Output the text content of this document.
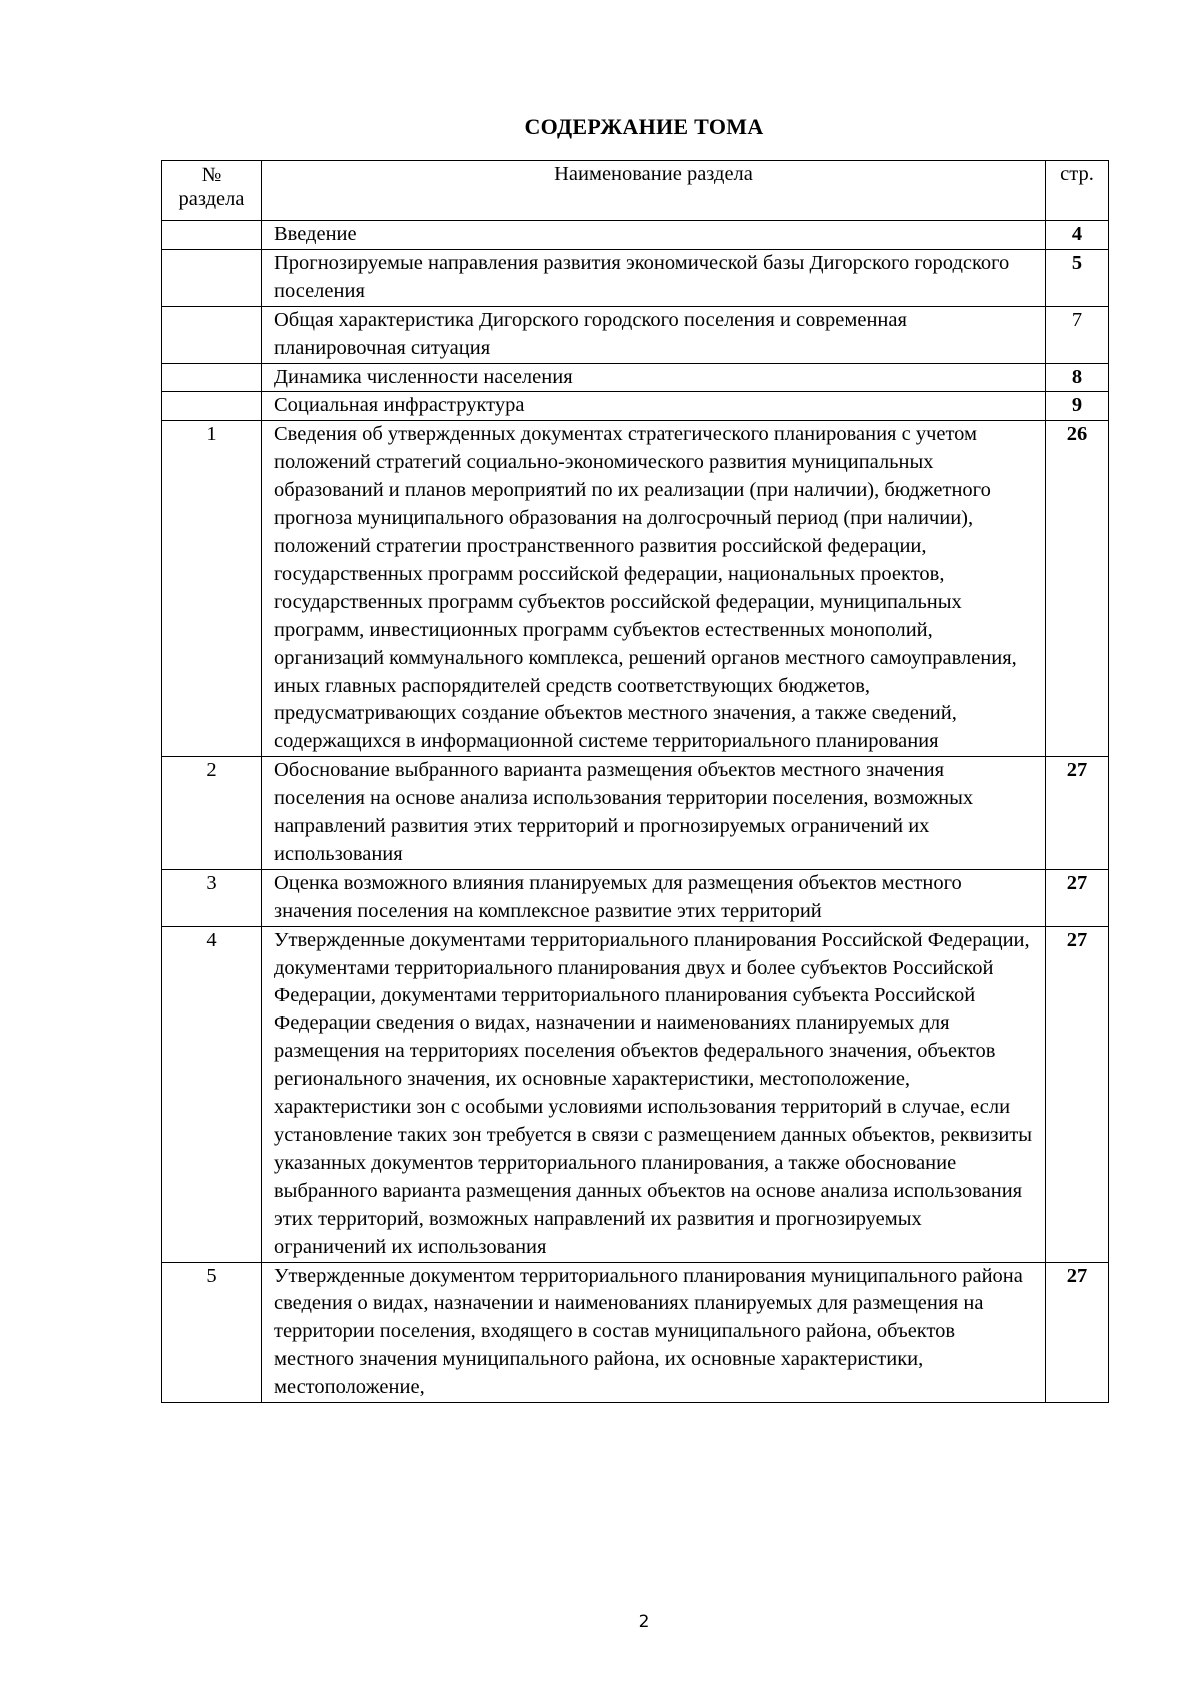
СОДЕРЖАНИЕ ТОМА
№
раздела	Наименование раздела	стр.
	Введение	4
	Прогнозируемые направления развития экономической базы Дигорского городского поселения	5
	Общая характеристика Дигорского городского поселения и современная планировочная ситуация	7
	Динамика численности населения	8
	Социальная инфраструктура	9
1	Сведения об утвержденных документах стратегического планирования с учетом положений стратегий социально-экономического развития муниципальных образований и планов мероприятий по их реализации (при наличии), бюджетного прогноза муниципального образования на долгосрочный период (при наличии), положений стратегии пространственного развития российской федерации, государственных программ российской федерации, национальных проектов, государственных программ субъектов российской федерации, муниципальных программ, инвестиционных программ субъектов естественных монополий, организаций коммунального комплекса, решений органов местного самоуправления, иных главных распорядителей средств соответствующих бюджетов, предусматривающих создание объектов местного значения, а также сведений, содержащихся в информационной системе территориального планирования	26
2	Обоснование выбранного варианта размещения объектов местного значения поселения на основе анализа использования территории поселения, возможных направлений развития этих территорий и прогнозируемых ограничений их использования	27
3	Оценка возможного влияния планируемых для размещения объектов местного значения поселения на комплексное развитие этих территорий	27
4	Утвержденные документами территориального планирования Российской Федерации, документами территориального планирования двух и более субъектов Российской Федерации, документами территориального планирования субъекта Российской Федерации сведения о видах, назначении и наименованиях планируемых для размещения на территориях поселения объектов федерального значения, объектов регионального значения, их основные характеристики, местоположение, характеристики зон с особыми условиями использования территорий в случае, если установление таких зон требуется в связи с размещением данных объектов, реквизиты указанных документов территориального планирования, а также обоснование выбранного варианта размещения данных объектов на основе анализа использования этих территорий, возможных направлений их развития и прогнозируемых ограничений их использования	27
5	Утвержденные документом территориального планирования муниципального района сведения о видах, назначении и наименованиях планируемых для размещения на территории поселения, входящего в состав муниципального района, объектов местного значения муниципального района, их основные характеристики, местоположение,	27
2
